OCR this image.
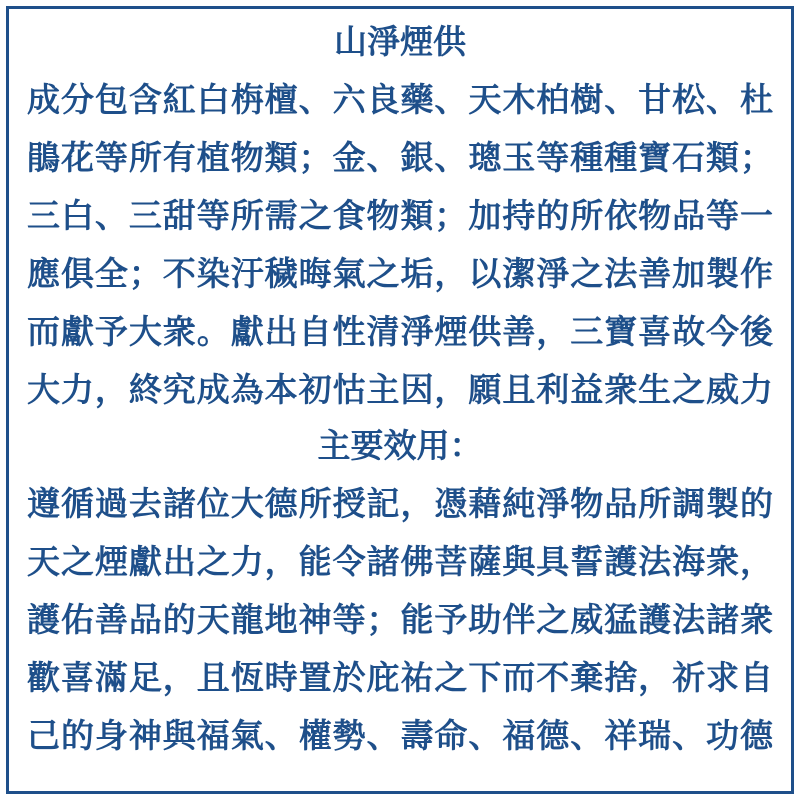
山淨煙供
成分包含紅白栴檀、六良藥、天木柏樹、甘松、杜
鵑花等所有植物類；金、銀、璁玉等種種寶石類；
三白、三甜等所需之食物類；加持的所依物品等一
應俱全；不染汙穢晦氣之垢，以潔淨之法善加製作
而獻予大衆。獻出自性清淨煙供善，三寶喜故今後
大力，終究成為本初怙主因，願且利益衆生之威力
主要效用：
遵循過去諸位大德所授記，憑藉純淨物品所調製的
天之煙獻出之力，能令諸佛菩薩與具誓護法海衆，
護佑善品的天龍地神等；能予助伴之威猛護法諸衆
歡喜滿足，且恆時置於庇祐之下而不棄捨，祈求自
己的身神與福氣、權勢、壽命、福德、祥瑞、功德
